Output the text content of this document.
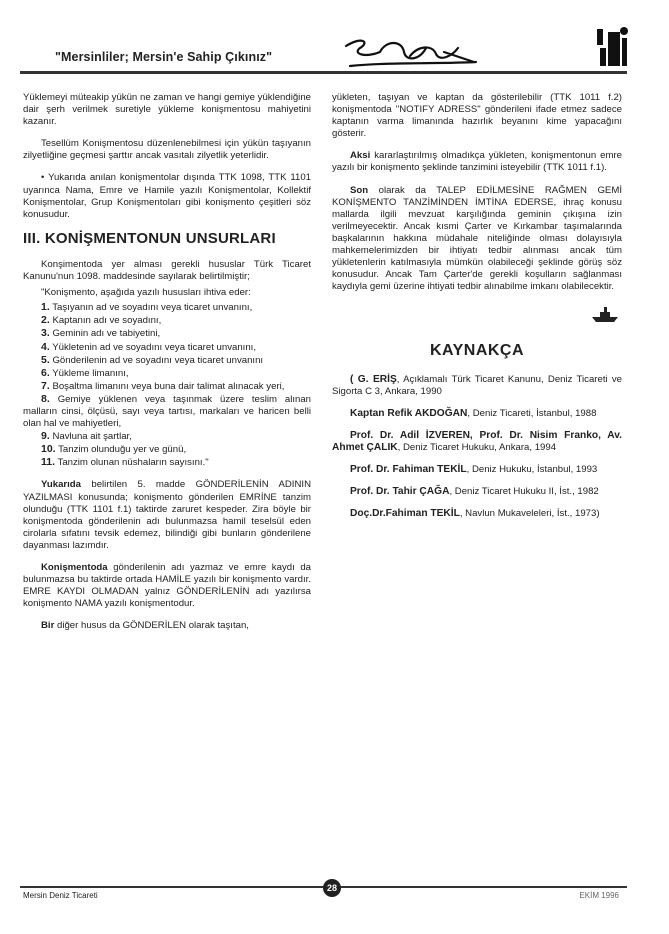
"Mersinliler; Mersin'e Sahip Çıkınız"

Yüklemeyi müteakip yükün ne zaman ve hangi gemiye yüklendiğine dair şerh verilmek suretiyle yükleme konişmentosu mahiyetini kazanır.

Tesellüm Konişmentosu düzenlenebilmesi için yükün taşıyanın zilyetliğine geçmesi şarttır ancak vasıtalı zilyetlik yeterlidir.

• Yukarıda anılan konişmentolar dışında TTK 1098, TTK 1101 uyarınca Nama, Emre ve Hamile yazılı Konişmentolar, Kollektif Konişmentolar, Grup Konişmentoları gibi konişmento çeşitleri söz konusudur.

III. KONİŞMENTONUN UNSURLARI

Konşimentoda yer alması gerekli hususlar Türk Ticaret Kanunu'nun 1098. maddesinde sayılarak belirtilmiştir;

"Konişmento, aşağıda yazılı hususları ihtiva eder:

1. Taşıyanın ad ve soyadını veya ticaret unvanını,
2. Kaptanın adı ve soyadını,
3. Geminin adı ve tabiyetini,
4. Yükletenin ad ve soyadını veya ticaret unvanını,
5. Gönderilenin ad ve soyadını veya ticaret unvanını
6. Yükleme limanını,
7. Boşaltma limanını veya buna dair talimat alınacak yeri,
8. Gemiye yüklenen veya taşınmak üzere teslim alınan malların cinsi, ölçüsü, sayı veya tartısı, markaları ve haricen belli olan hal ve mahiyetleri,
9. Navluna ait şartlar,
10. Tanzim olunduğu yer ve günü,
11. Tanzim olunan nüshaların sayısını."

Yukarıda belirtilen 5. madde GÖNDERİLENİN ADININ YAZILMASI konusunda; konişmento gönderilen EMRİNE tanzim olunduğu (TTK 1101 f.1) taktirde zaruret kespeder. Zira böyle bir konişmentoda gönderilenin adı bulunmazsa hamil teselsül eden cirolarla sıfatını tevsik edemez, bilindiği gibi bunların gönderilene dayanması lazımdır.

Konişmentoda gönderilenin adı yazmaz ve emre kaydı da bulunmazsa bu taktirde ortada HAMİLE yazılı bir konişmento vardır. EMRE KAYDI OLMADAN yalnız GÖNDERİLENİN adı yazılırsa konişmento NAMA yazılı konişmentodur.

Bir diğer husus da GÖNDERİLEN olarak taşıtan,

yükleten, taşıyan ve kaptan da gösterilebilir (TTK 1011 f.2) konişmentoda "NOTIFY ADRESS" gönderileni ifade etmez sadece kaptanın varma limanında hazırlık beyanını kime yapacağını gösterir.

Aksi kararlaştırılmış olmadıkça yükleten, konişmentonun emre yazılı bir konişmento şeklinde tanzimini isteyebilir (TTK 1011 f.1).

Son olarak da TALEP EDİLMESİNE RAĞMEN GEMİ KONİŞMENTO TANZİMİNDEN İMTİNA EDERSE, ihraç konusu mallarda ilgili mevzuat karşılığında geminin çıkışına izin verilmeyecektir. Ancak kısmi Çarter ve Kırkambar taşımalarında başkalarının hakkına müdahale niteliğinde olması dolayısıyla mahkemelerimizden bir ihtiyatı tedbir alınması ancak tüm yükletenlerin katılmasıyla mümkün olabileceği şeklinde görüş söz konusudur. Ancak Tam Çarter'de gerekli koşulların sağlanması kaydıyla gemi üzerine ihtiyati tedbir alınabilme imkanı olabilecektir.

KAYNAKÇA

( G. ERİŞ, Açıklamalı Türk Ticaret Kanunu, Deniz Ticareti ve Sigorta C 3, Ankara, 1990

Kaptan Refik AKDOĞAN, Deniz Ticareti, İstanbul, 1988

Prof. Dr. Adil İZVEREN, Prof. Dr. Nisim Franko, Av. Ahmet ÇALIK, Deniz Ticaret Hukuku, Ankara, 1994

Prof. Dr. Fahiman TEKİL, Deniz Hukuku, İstanbul, 1993

Prof. Dr. Tahir ÇAĞA, Deniz Ticaret Hukuku II, İst., 1982

Doç.Dr.Fahiman TEKİL, Navlun Mukaveleleri, İst., 1973)

Mersin Deniz Ticareti
28
EKİM 1996
